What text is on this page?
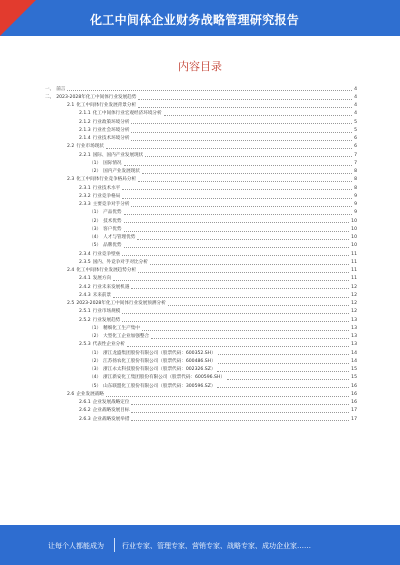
化工中间体企业财务战略管理研究报告
内容目录
一、 前言	4
二、 2023-2028年化工中间体行业发展趋势	4
2.1 化工中间体行业发展背景分析	4
2.1.1 化工中间体行业宏观经济环境分析	4
2.1.2 行业政策环境分析	5
2.1.3 行业社会环境分析	5
2.1.4 行业技术环境分析	6
2.2 行业市场现状	6
2.2.1 国际、国内产业发展现状	7
（1） 国际情况	7
（2） 国内产业发展现状	8
2.3 化工中间体行业竞争格局分析	8
2.3.1 行业技术水平	8
2.3.2 行业竞争格局	9
2.3.3 主要竞争对手分析	9
（1） 产品优势	9
（2） 技术优势	10
（3） 客户优势	10
（4） 人才与管理优势	10
（5） 品牌优势	10
2.3.4 行业竞争壁垒	11
2.3.5 国内、外竞争对手对比分析	11
2.4 化工中间体行业发展趋势分析	11
2.4.1 发展方向	11
2.4.2 行业未来发展机遇	12
2.4.3 未来前景	12
2.5 2023-2028年化工中间体行业发展预测分析	12
2.5.1 行业市场规模	12
2.5.2 行业发展趋势	13
（1） 精细化工生产集中	13
（2） 大型化工企业加强整合	13
2.5.3 代表性企业分析	13
（1） 浙江龙盛集团股份有限公司（股票代码：600352.SH）	14
（2） 江苏扬农化工股份有限公司（股票代码：600486.SH）	14
（3） 浙江永太科技股份有限公司（股票代码：002326.SZ）	15
（4） 浙江新安化工集团股份有限公司（股票代码：600596.SH）	15
（5） 山东联盟化工股份有限公司（股票代码：300596.SZ）	16
2.6 企业发展战略	16
2.6.1 企业发展战略定位	16
2.6.2 企业战略发展目标	17
2.6.3 企业战略发展举措	17
让每个人都能成为	行业专家、管理专家、营销专家、战略专家、成功企业家……
